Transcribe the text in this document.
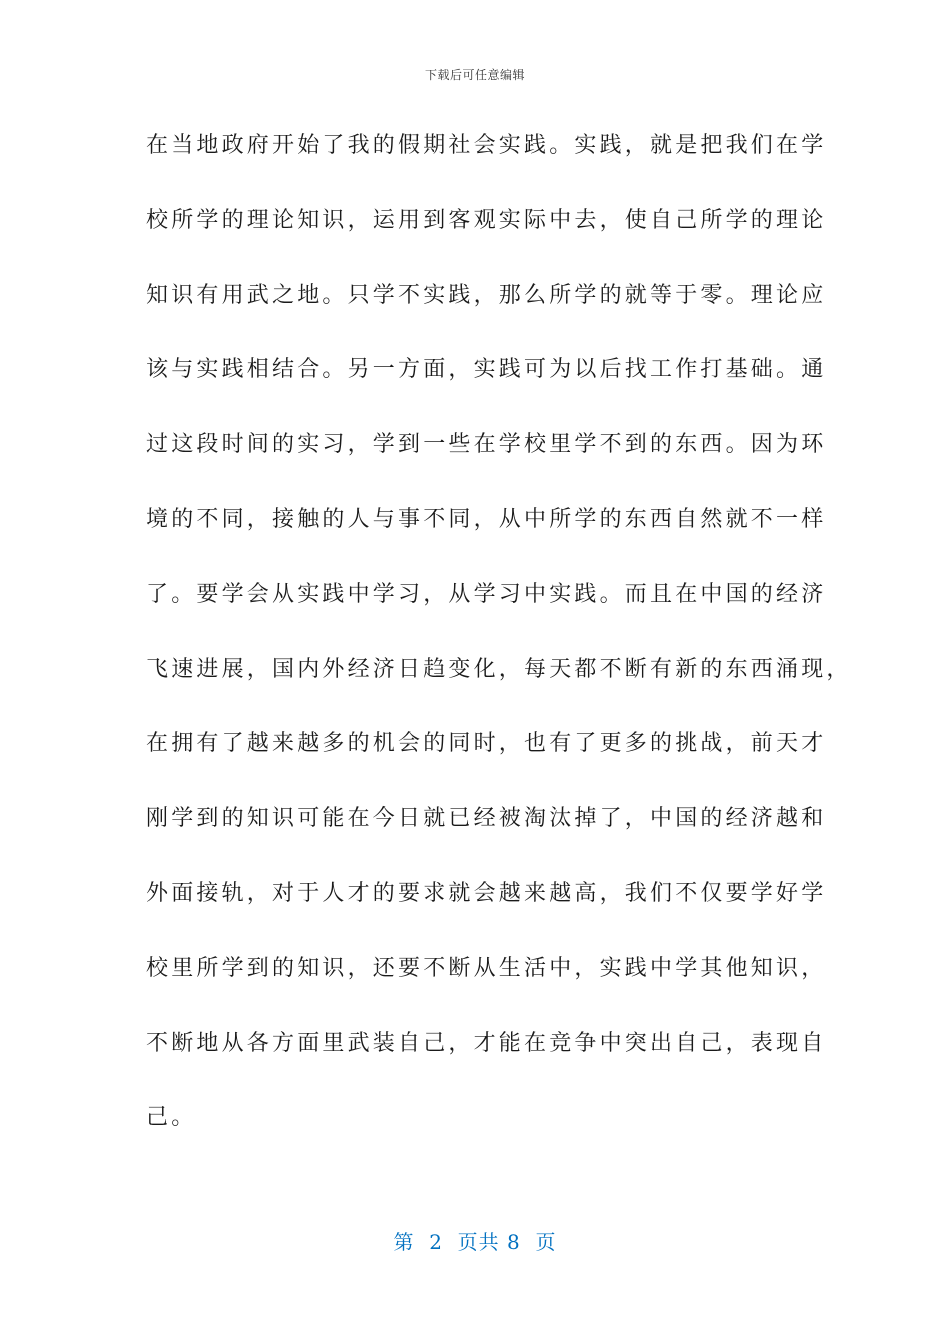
下载后可任意编辑
在当地政府开始了我的假期社会实践。实践，就是把我们在学
校所学的理论知识，运用到客观实际中去，使自己所学的理论
知识有用武之地。只学不实践，那么所学的就等于零。理论应
该与实践相结合。另一方面，实践可为以后找工作打基础。通
过这段时间的实习，学到一些在学校里学不到的东西。因为环
境的不同，接触的人与事不同，从中所学的东西自然就不一样
了。要学会从实践中学习，从学习中实践。而且在中国的经济
飞速进展，国内外经济日趋变化，每天都不断有新的东西涌现，
在拥有了越来越多的机会的同时，也有了更多的挑战，前天才
刚学到的知识可能在今日就已经被淘汰掉了，中国的经济越和
外面接轨，对于人才的要求就会越来越高，我们不仅要学好学
校里所学到的知识，还要不断从生活中，实践中学其他知识，
不断地从各方面里武装自己，才能在竞争中突出自己，表现自
己。
第  2  页共 8  页
